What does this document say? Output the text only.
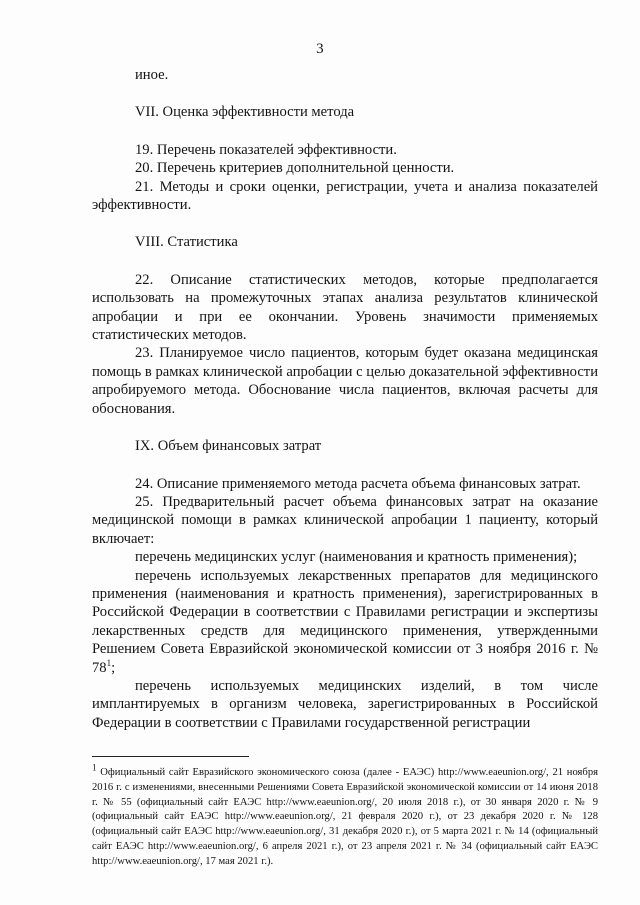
3

иное.

VII. Оценка эффективности метода

19. Перечень показателей эффективности.

20. Перечень критериев дополнительной ценности.

21. Методы и сроки оценки, регистрации, учета и анализа показателей эффективности.

VIII. Статистика

22. Описание статистических методов, которые предполагается использовать на промежуточных этапах анализа результатов клинической апробации и при ее окончании. Уровень значимости применяемых статистических методов.

23. Планируемое число пациентов, которым будет оказана медицинская помощь в рамках клинической апробации с целью доказательной эффективности апробируемого метода. Обоснование числа пациентов, включая расчеты для обоснования.

IX. Объем финансовых затрат

24. Описание применяемого метода расчета объема финансовых затрат.

25. Предварительный расчет объема финансовых затрат на оказание медицинской помощи в рамках клинической апробации 1 пациенту, который включает:

перечень медицинских услуг (наименования и кратность применения);

перечень используемых лекарственных препаратов для медицинского применения (наименования и кратность применения), зарегистрированных в Российской Федерации в соответствии с Правилами регистрации и экспертизы лекарственных средств для медицинского применения, утвержденными Решением Совета Евразийской экономической комиссии от 3 ноября 2016 г. № $78^1$;

перечень используемых медицинских изделий, в том числе имплантируемых в организм человека, зарегистрированных в Российской Федерации в соответствии с Правилами государственной регистрации

$^1$ Официальный сайт Евразийского экономического союза (далее - ЕАЭС) http://www.eaeunion.org/, 21 ноября 2016 г. с изменениями, внесенными Решениями Совета Евразийской экономической комиссии от 14 июня 2018 г. № 55 (официальный сайт ЕАЭС http://www.eaeunion.org/, 20 июля 2018 г.), от 30 января 2020 г. № 9 (официальный сайт ЕАЭС http://www.eaeunion.org/, 21 февраля 2020 г.), от 23 декабря 2020 г. № 128 (официальный сайт ЕАЭС http://www.eaeunion.org/, 31 декабря 2020 г.), от 5 марта 2021 г. № 14 (официальный сайт ЕАЭС http://www.eaeunion.org/, 6 апреля 2021 г.), от 23 апреля 2021 г. № 34 (официальный сайт ЕАЭС http://www.eaeunion.org/, 17 мая 2021 г.).
